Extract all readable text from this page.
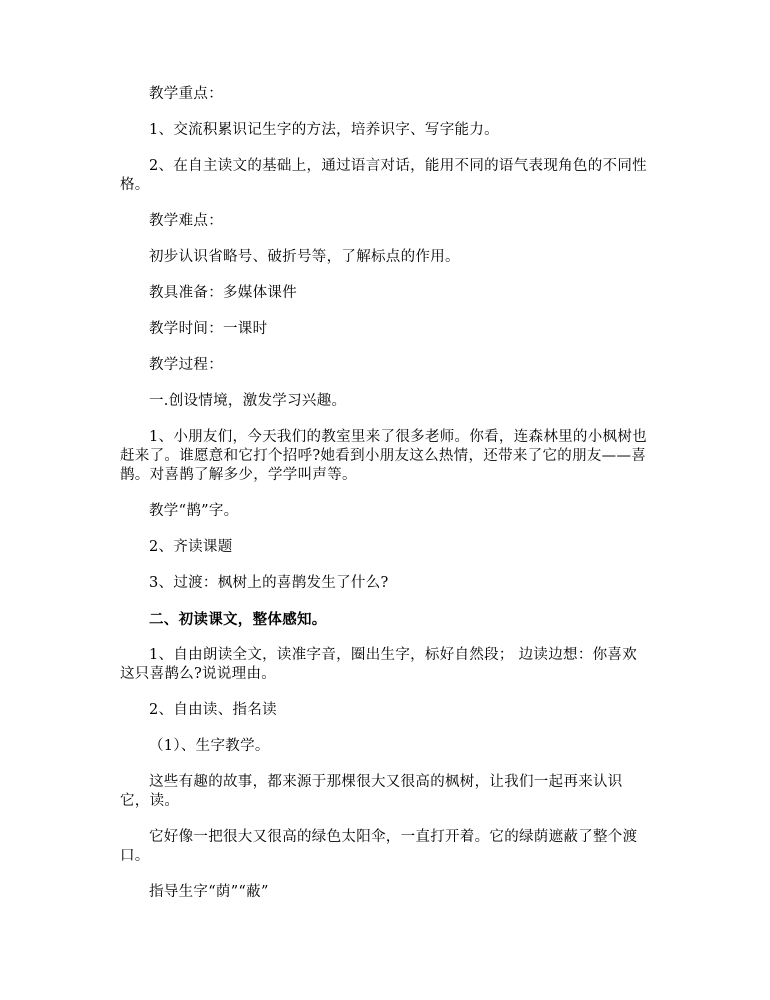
教学重点：

1、交流积累识记生字的方法，培养识字、写字能力。

2、在自主读文的基础上，通过语言对话，能用不同的语气表现角色的不同性格。

教学难点：

初步认识省略号、破折号等，了解标点的作用。

教具准备：多媒体课件

教学时间：一课时

教学过程：

一.创设情境，激发学习兴趣。

1、小朋友们，今天我们的教室里来了很多老师。你看，连森林里的小枫树也赶来了。谁愿意和它打个招呼?她看到小朋友这么热情，还带来了它的朋友——喜鹊。对喜鹊了解多少，学学叫声等。

教学“鹊”字。

2、齐读课题

3、过渡：枫树上的喜鹊发生了什么?

二、初读课文，整体感知。

1、自由朗读全文，读准字音，圈出生字，标好自然段； 边读边想：你喜欢这只喜鹊么?说说理由。

2、自由读、指名读

（1）、生字教学。

这些有趣的故事，都来源于那棵很大又很高的枫树，让我们一起再来认识它，读。

它好像一把很大又很高的绿色太阳伞，一直打开着。它的绿荫遮蔽了整个渡口。

指导生字“荫”“蔽”
